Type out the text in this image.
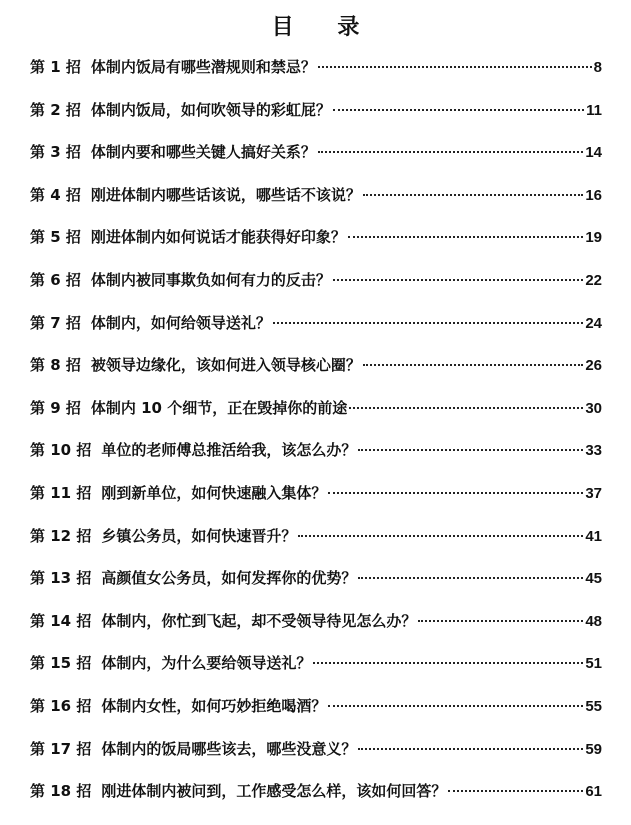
目 录
第 1 招 体制内饭局有哪些潜规则和禁忌？	8
第 2 招 体制内饭局，如何吹领导的彩虹屁？	11
第 3 招 体制内要和哪些关键人搞好关系？	14
第 4 招 刚进体制内哪些话该说，哪些话不该说？	16
第 5 招 刚进体制内如何说话才能获得好印象？	19
第 6 招 体制内被同事欺负如何有力的反击？	22
第 7 招 体制内，如何给领导送礼？	24
第 8 招 被领导边缘化，该如何进入领导核心圈？	26
第 9 招 体制内 10 个细节，正在毁掉你的前途	30
第 10 招 单位的老师傅总推活给我，该怎么办？	33
第 11 招 刚到新单位，如何快速融入集体？	37
第 12 招 乡镇公务员，如何快速晋升？	41
第 13 招 高颜值女公务员，如何发挥你的优势？	45
第 14 招 体制内，你忙到飞起，却不受领导待见怎么办？	48
第 15 招 体制内，为什么要给领导送礼？	51
第 16 招 体制内女性，如何巧妙拒绝喝酒？	55
第 17 招 体制内的饭局哪些该去，哪些没意义？	59
第 18 招 刚进体制内被问到，工作感受怎么样，该如何回答？	61
